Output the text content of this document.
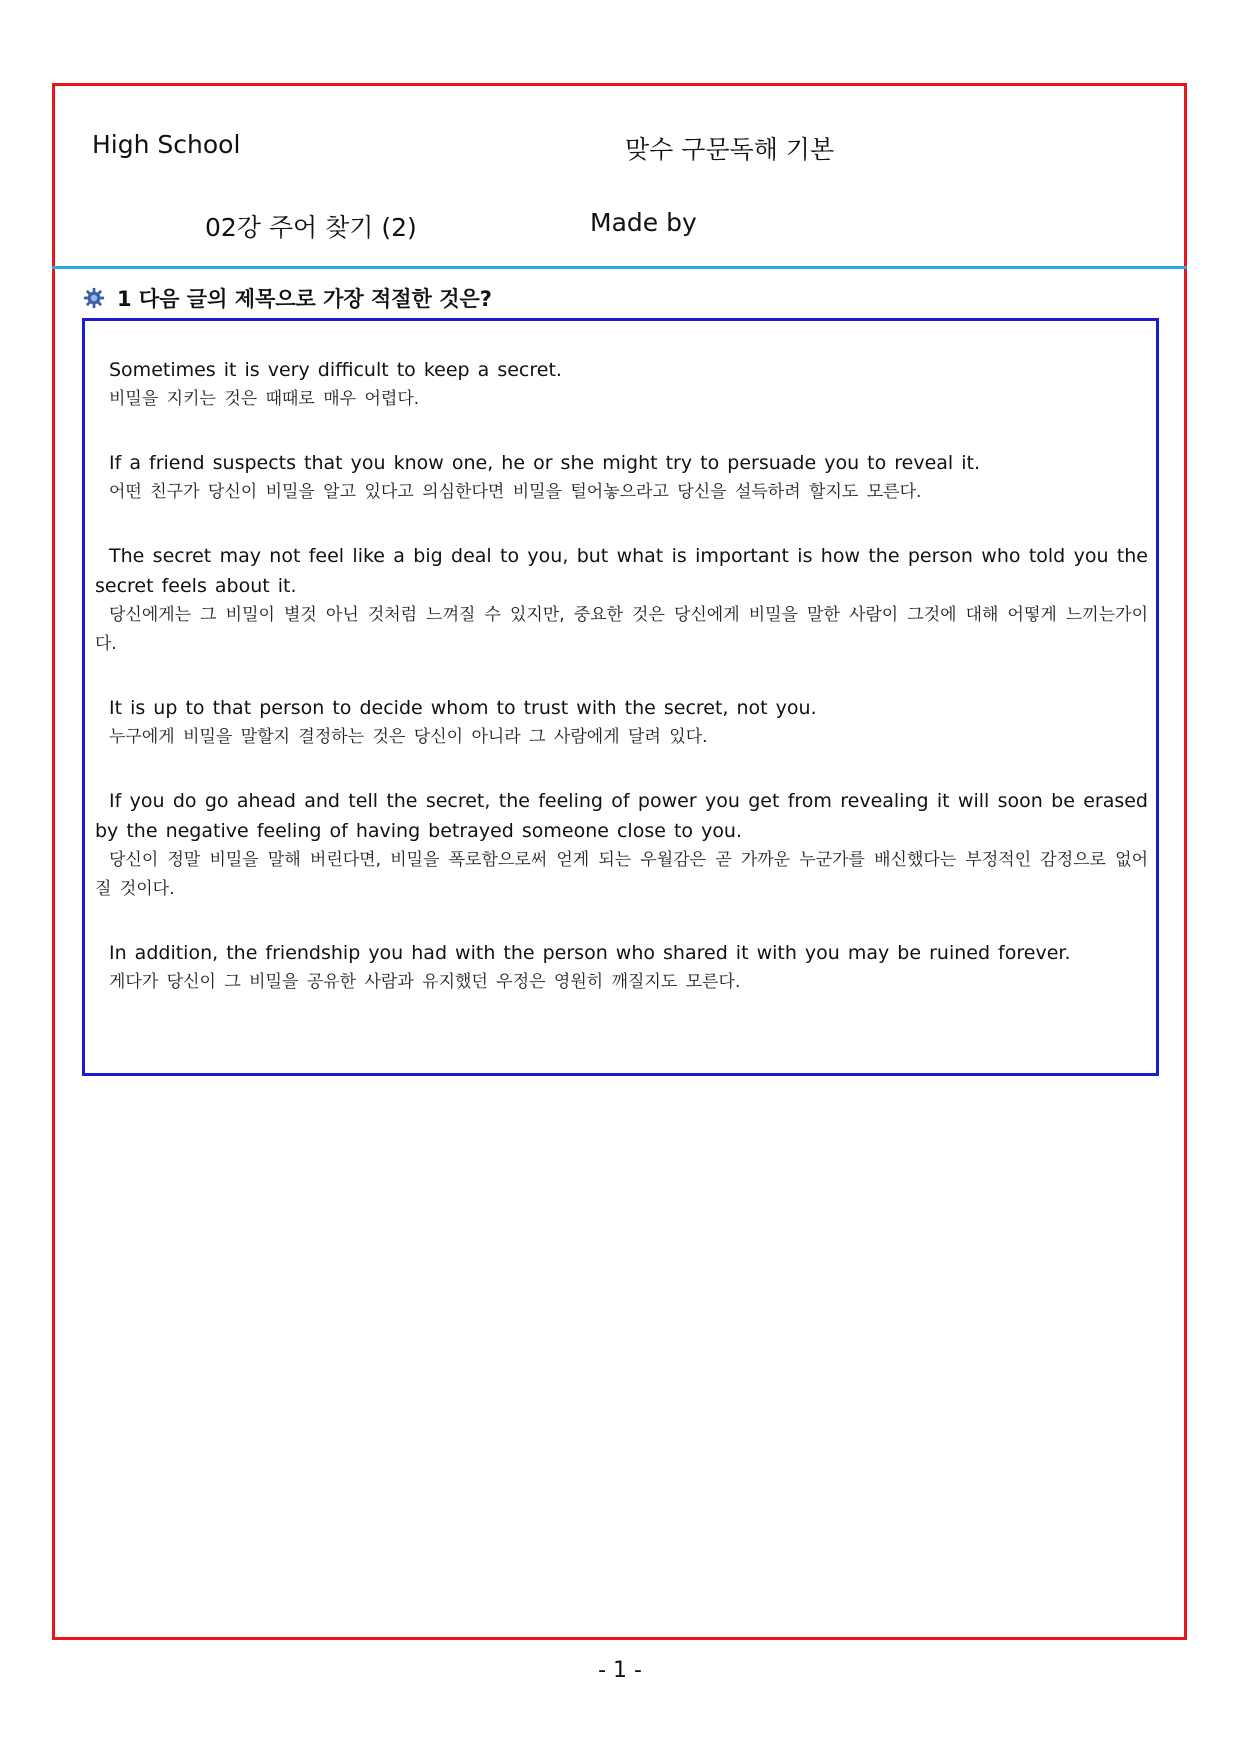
High School	맞수 구문독해 기본
02강 주어 찾기 (2)	Made by
1 다음 글의 제목으로 가장 적절한 것은?

Sometimes it is very difficult to keep a secret.

비밀을 지키는 것은 때때로 매우 어렵다.

If a friend suspects that you know one, he or she might try to persuade you to reveal it.

어떤 친구가 당신이 비밀을 알고 있다고 의심한다면 비밀을 털어놓으라고 당신을 설득하려 할지도 모른다.

The secret may not feel like a big deal to you, but what is important is how the person who told you the secret feels about it.

당신에게는 그 비밀이 별것 아닌 것처럼 느껴질 수 있지만, 중요한 것은 당신에게 비밀을 말한 사람이 그것에 대해 어떻게 느끼는가이다.

It is up to that person to decide whom to trust with the secret, not you.

누구에게 비밀을 말할지 결정하는 것은 당신이 아니라 그 사람에게 달려 있다.

If you do go ahead and tell the secret, the feeling of power you get from revealing it will soon be erased by the negative feeling of having betrayed someone close to you.

당신이 정말 비밀을 말해 버린다면, 비밀을 폭로함으로써 얻게 되는 우월감은 곧 가까운 누군가를 배신했다는 부정적인 감정으로 없어질 것이다.

In addition, the friendship you had with the person who shared it with you may be ruined forever.

게다가 당신이 그 비밀을 공유한 사람과 유지했던 우정은 영원히 깨질지도 모른다.

- 1 -
